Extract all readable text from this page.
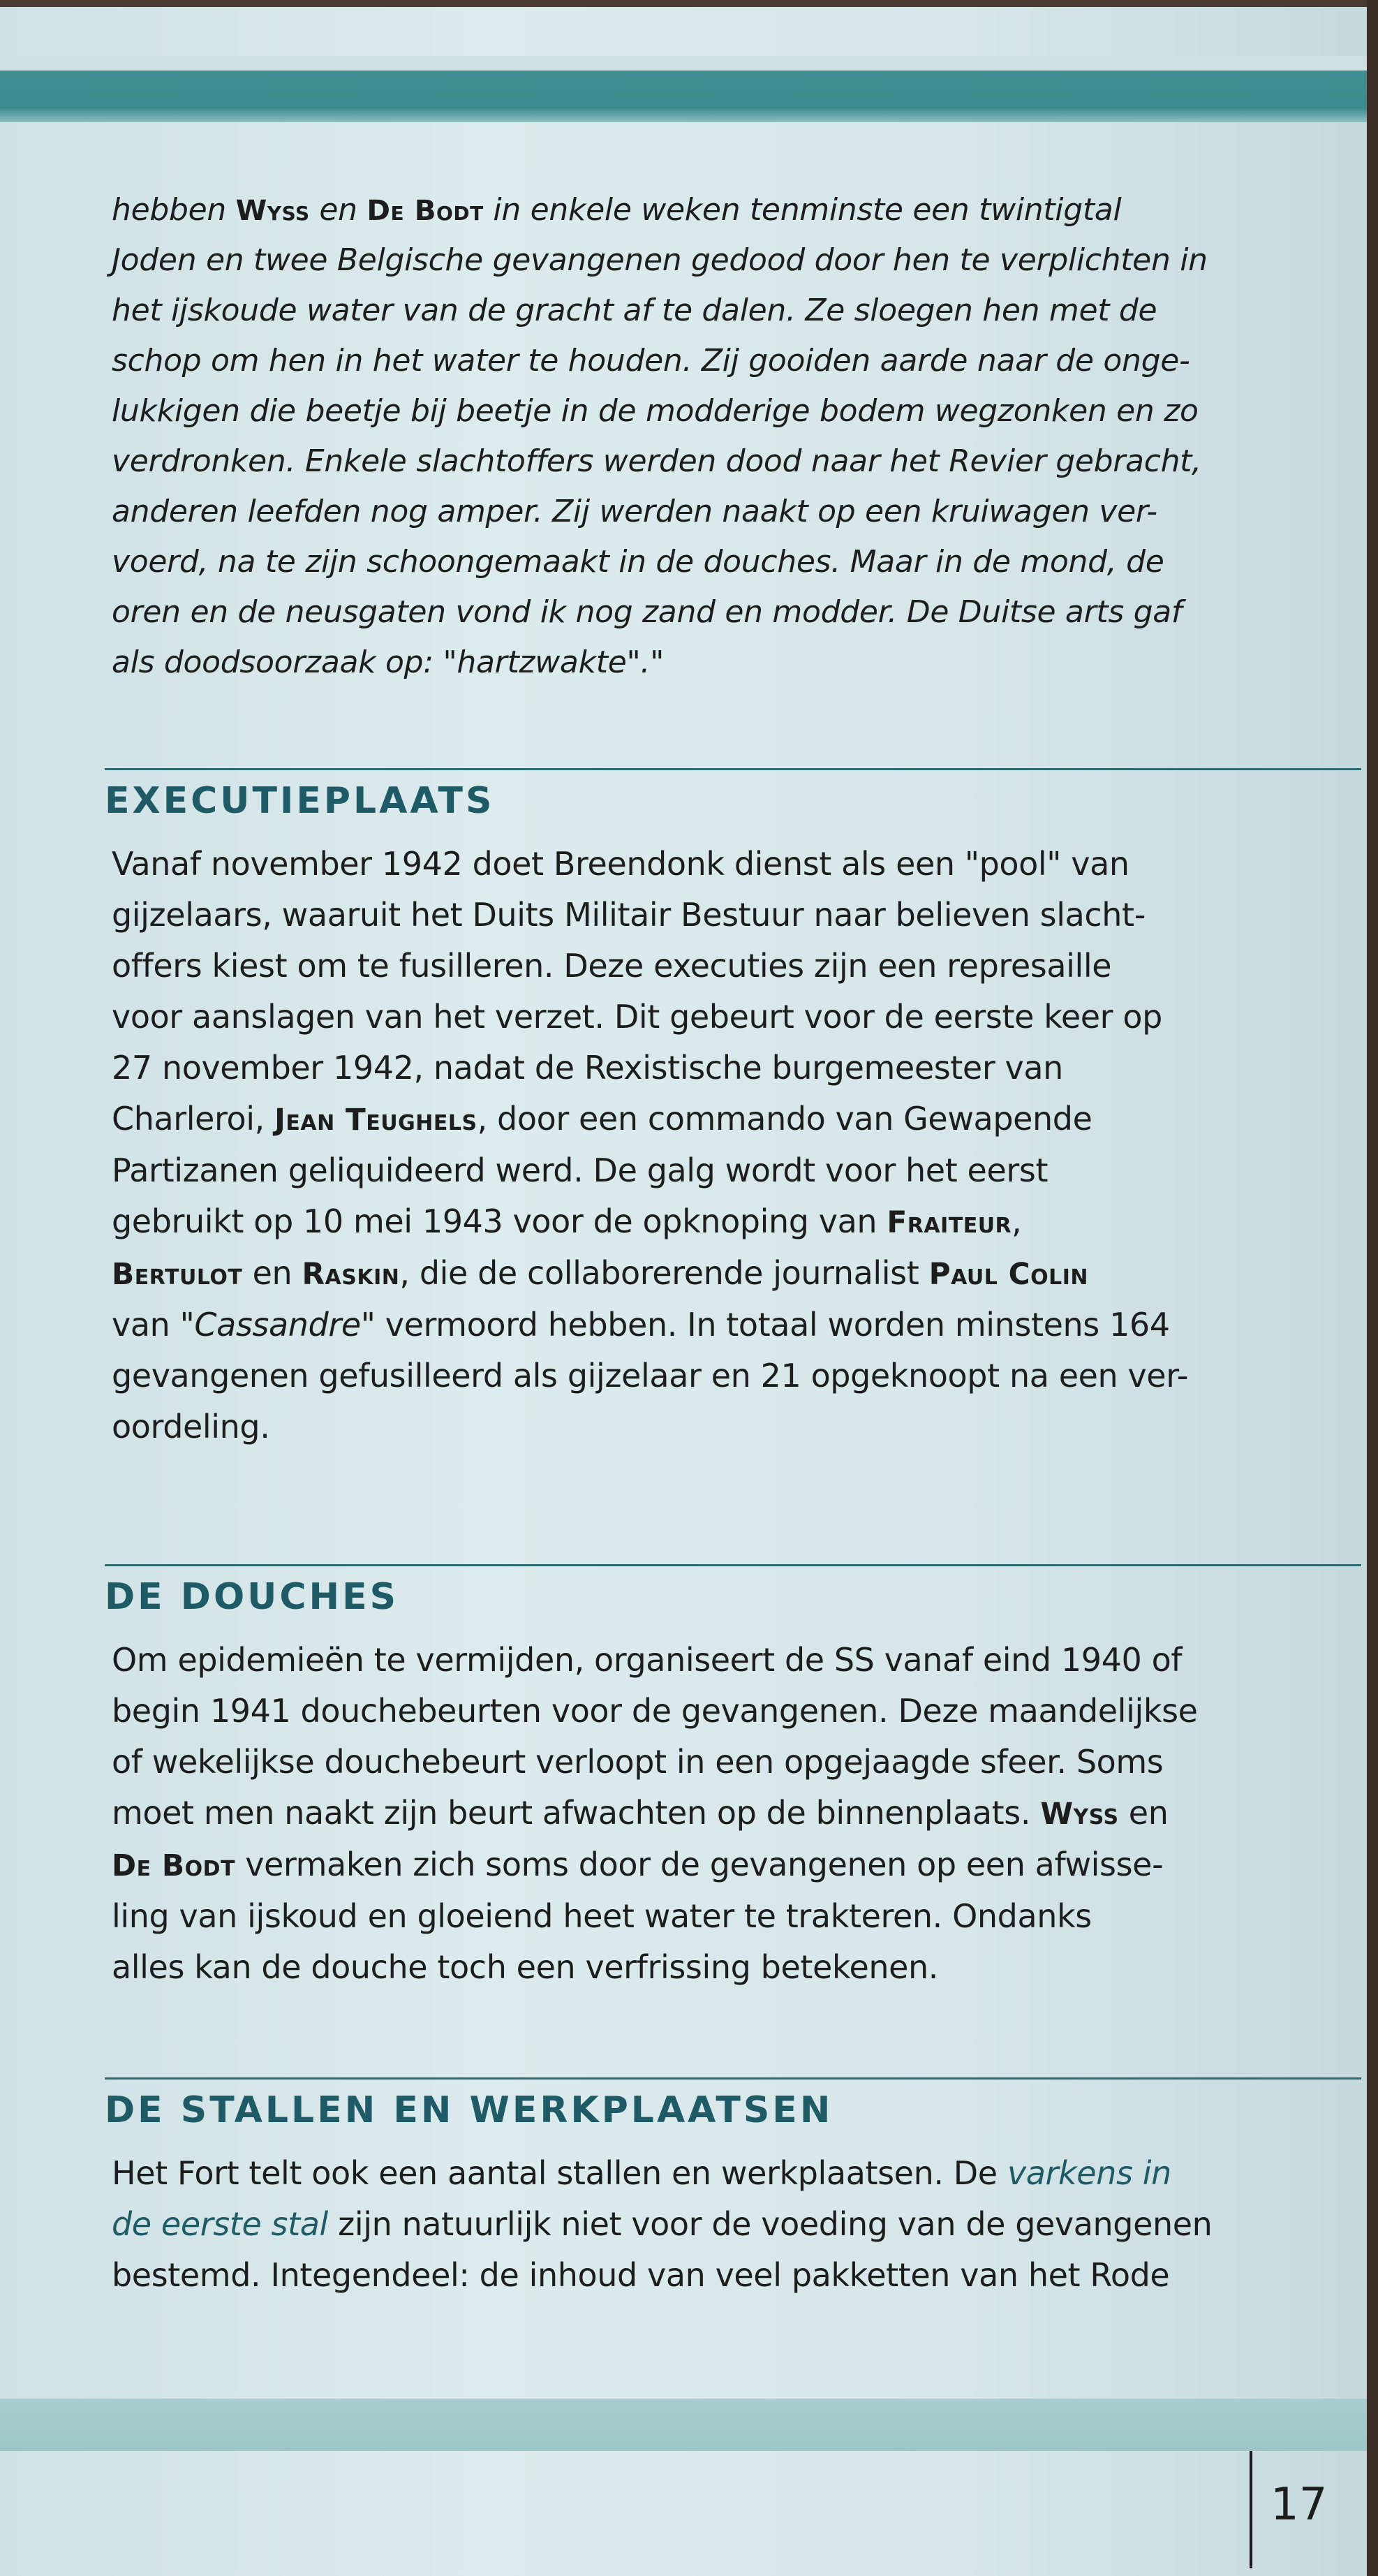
hebben Wyss en De Bodt in enkele weken tenminste een twintigtal
Joden en twee Belgische gevangenen gedood door hen te verplichten in
het ijskoude water van de gracht af te dalen. Ze sloegen hen met de
schop om hen in het water te houden. Zij gooiden aarde naar de onge-
lukkigen die beetje bij beetje in de modderige bodem wegzonken en zo
verdronken. Enkele slachtoffers werden dood naar het Revier gebracht,
anderen leefden nog amper. Zij werden naakt op een kruiwagen ver-
voerd, na te zijn schoongemaakt in de douches. Maar in de mond, de
oren en de neusgaten vond ik nog zand en modder. De Duitse arts gaf
als doodsoorzaak op: "hartzwakte"."

EXECUTIEPLAATS

Vanaf november 1942 doet Breendonk dienst als een "pool" van
gijzelaars, waaruit het Duits Militair Bestuur naar believen slacht-
offers kiest om te fusilleren. Deze executies zijn een represaille
voor aanslagen van het verzet. Dit gebeurt voor de eerste keer op
27 november 1942, nadat de Rexistische burgemeester van
Charleroi, Jean Teughels, door een commando van Gewapende
Partizanen geliquideerd werd. De galg wordt voor het eerst
gebruikt op 10 mei 1943 voor de opknoping van Fraiteur,
Bertulot en Raskin, die de collaborerende journalist Paul Colin
van "Cassandre" vermoord hebben. In totaal worden minstens 164
gevangenen gefusilleerd als gijzelaar en 21 opgeknoopt na een ver-
oordeling.

DE DOUCHES

Om epidemieën te vermijden, organiseert de SS vanaf eind 1940 of
begin 1941 douchebeurten voor de gevangenen. Deze maandelijkse
of wekelijkse douchebeurt verloopt in een opgejaagde sfeer. Soms
moet men naakt zijn beurt afwachten op de binnenplaats. Wyss en
De Bodt vermaken zich soms door de gevangenen op een afwisse-
ling van ijskoud en gloeiend heet water te trakteren. Ondanks
alles kan de douche toch een verfrissing betekenen.

DE STALLEN EN WERKPLAATSEN

Het Fort telt ook een aantal stallen en werkplaatsen. De varkens in
de eerste stal zijn natuurlijk niet voor de voeding van de gevangenen
bestemd. Integendeel: de inhoud van veel pakketten van het Rode

17
